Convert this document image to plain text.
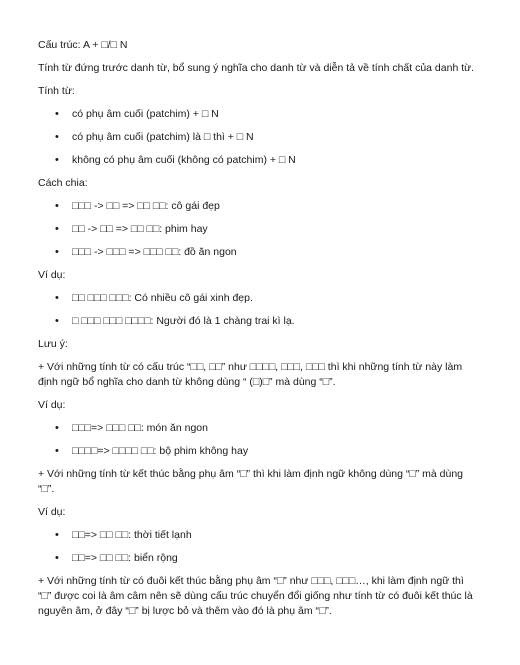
Cấu trúc: A + □/□ N
Tính từ đứng trước danh từ, bổ sung ý nghĩa cho danh từ và diễn tả về tính chất của danh từ.
Tính từ:
• có phụ âm cuối (patchim) + □ N
• có phụ âm cuối (patchim) là □ thì + □ N
• không có phụ âm cuối (không có patchim) + □ N
Cách chia:
• □□□ -> □□ => □□ □□: cô gái đẹp
• □□ -> □□ => □□ □□: phim hay
• □□□ -> □□□ => □□□ □□: đồ ăn ngon
Ví dụ:
• □□ □□□ □□□: Có nhiều cô gái xinh đẹp.
• □ □□□ □□□ □□□□: Người đó là 1 chàng trai kì lạ.
Lưu ý:
+ Với những tính từ có cấu trúc “□□, □□” như □□□□, □□□, □□□ thì khi những tính từ này làm
định ngữ bổ nghĩa cho danh từ không dùng “ (□)□” mà dùng “□”.
Ví dụ:
• □□□=> □□□ □□: món ăn ngon
• □□□□=> □□□□ □□: bộ phim không hay
+ Với những tính từ kết thúc bằng phụ âm “□” thì khi làm định ngữ không dùng “□” mà dùng
“□”.
Ví dụ:
• □□=> □□ □□: thời tiết lạnh
• □□=> □□ □□: biển rộng
+ Với những tính từ có đuôi kết thúc bằng phụ âm “□” như □□□, □□□…, khi làm định ngữ thì
“□” được coi là âm câm nên sẽ dùng cấu trúc chuyển đổi giống như tính từ có đuôi kết thúc là
nguyên âm, ở đây “□” bị lược bỏ và thêm vào đó là phụ âm “□”.
